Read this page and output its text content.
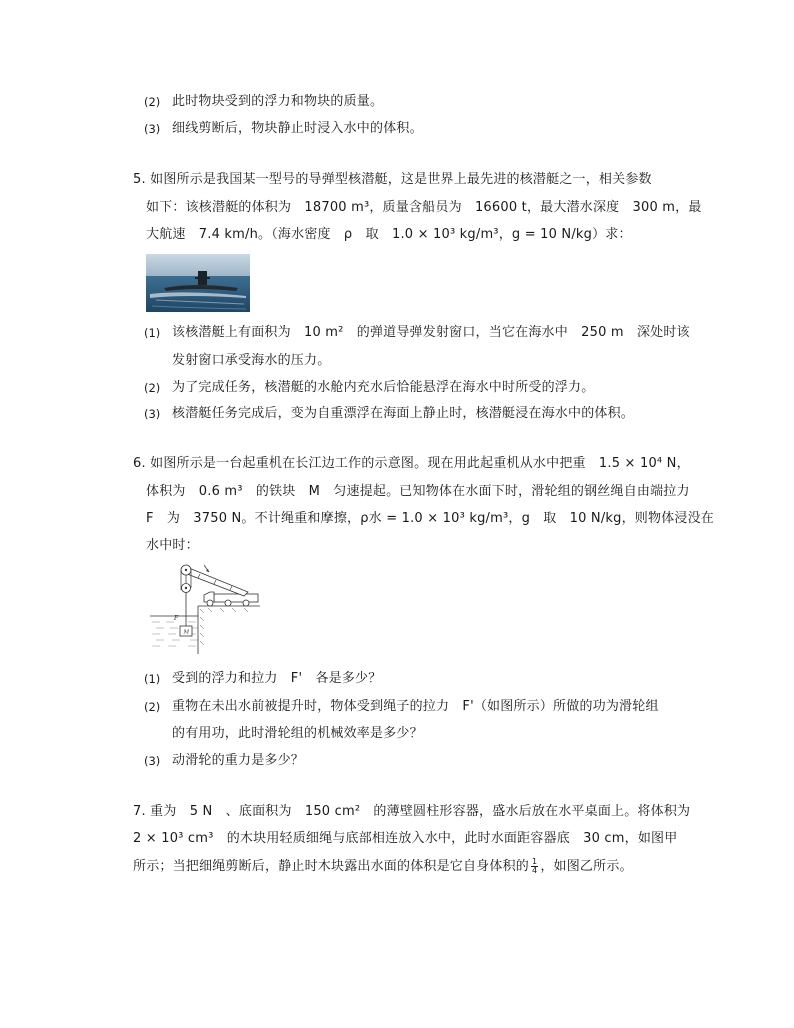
(2) 此时物块受到的浮力和物块的质量。
(3) 细线剪断后，物块静止时浸入水中的体积。
5. 如图所示是我国某一型号的导弹型核潜艇，这是世界上最先进的核潜艇之一，相关参数
如下：该核潜艇的体积为　18700 m³，质量含船员为　16600 t，最大潜水深度　300 m，最
大航速　7.4 km/h。（海水密度　ρ　取　1.0 × 10³ kg/m³，g = 10 N/kg）求：
(1) 该核潜艇上有面积为　10 m²　的弹道导弹发射窗口，当它在海水中　250 m　深处时该
发射窗口承受海水的压力。
(2) 为了完成任务，核潜艇的水舱内充水后恰能悬浮在海水中时所受的浮力。
(3) 核潜艇任务完成后，变为自重漂浮在海面上静止时，核潜艇浸在海水中的体积。
6. 如图所示是一台起重机在长江边工作的示意图。现在用此起重机从水中把重　1.5 × 10⁴ N，
体积为　0.6 m³　的铁块　M　匀速提起。已知物体在水面下时，滑轮组的钢丝绳自由端拉力
F　为　3750 N。不计绳重和摩擦，ρ水 = 1.0 × 10³ kg/m³，g　取　10 N/kg，则物体浸没在
水中时：
F
M
(1) 受到的浮力和拉力　F'　各是多少？
(2) 重物在未出水前被提升时，物体受到绳子的拉力　F'（如图所示）所做的功为滑轮组
的有用功，此时滑轮组的机械效率是多少？
(3) 动滑轮的重力是多少？
7. 重为　5 N　、底面积为　150 cm²　的薄壁圆柱形容器，盛水后放在水平桌面上。将体积为
2 × 10³ cm³　的木块用轻质细绳与底部相连放入水中，此时水面距容器底　30 cm，如图甲
所示；当把细绳剪断后，静止时木块露出水面的体积是它自身体积的 $\frac{1}{4}$ ，如图乙所示。
